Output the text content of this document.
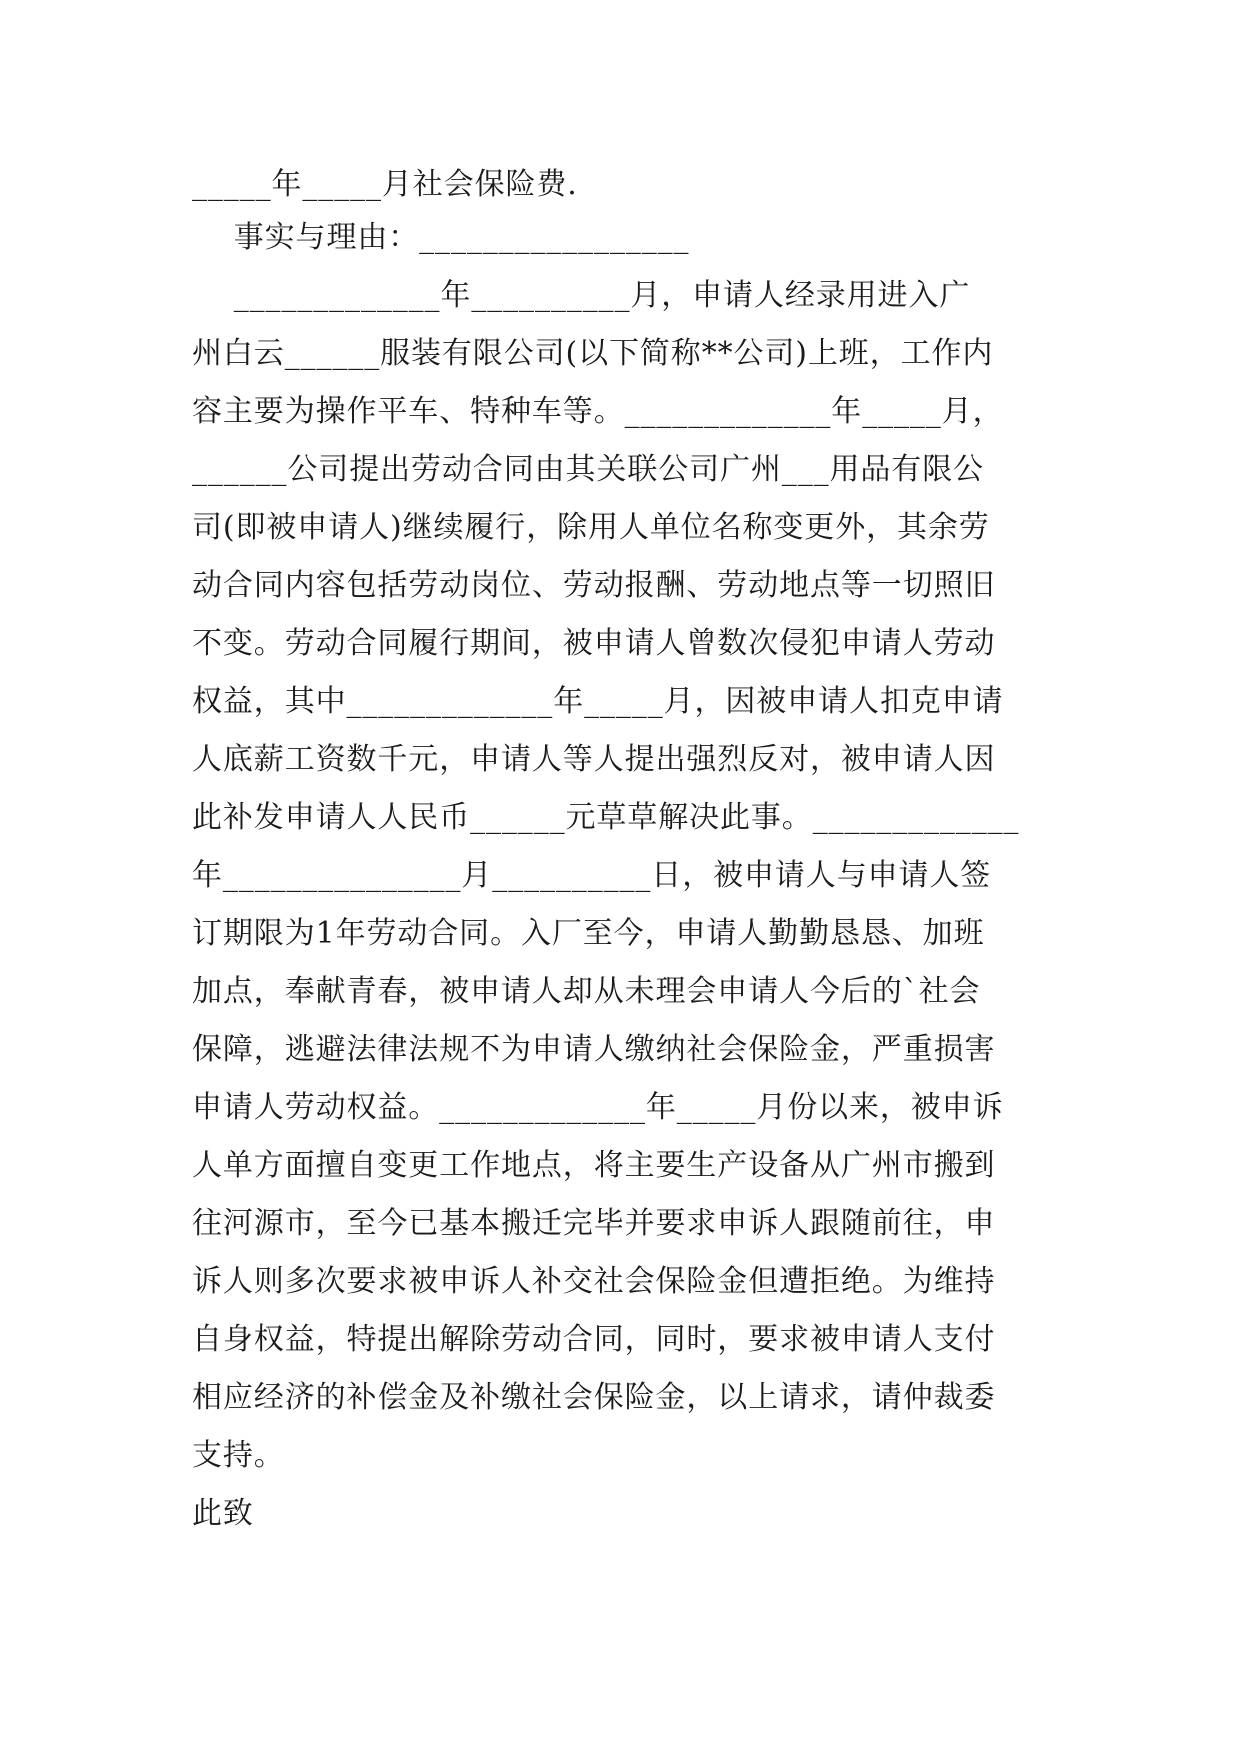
_____年_____月社会保险费.
事实与理由：_________________
_____________年__________月，申请人经录用进入广
州白云______服装有限公司(以下简称**公司)上班，工作内
容主要为操作平车、特种车等。_____________年_____月，
______公司提出劳动合同由其关联公司广州___用品有限公
司(即被申请人)继续履行，除用人单位名称变更外，其余劳
动合同内容包括劳动岗位、劳动报酬、劳动地点等一切照旧
不变。劳动合同履行期间，被申请人曾数次侵犯申请人劳动
权益，其中_____________年_____月，因被申请人扣克申请
人底薪工资数千元，申请人等人提出强烈反对，被申请人因
此补发申请人人民币______元草草解决此事。_____________
年_______________月__________日，被申请人与申请人签
订期限为1年劳动合同。入厂至今，申请人勤勤恳恳、加班
加点，奉献青春，被申请人却从未理会申请人今后的`社会
保障，逃避法律法规不为申请人缴纳社会保险金，严重损害
申请人劳动权益。_____________年_____月份以来，被申诉
人单方面擅自变更工作地点，将主要生产设备从广州市搬到
往河源市，至今已基本搬迁完毕并要求申诉人跟随前往，申
诉人则多次要求被申诉人补交社会保险金但遭拒绝。为维持
自身权益，特提出解除劳动合同，同时，要求被申请人支付
相应经济的补偿金及补缴社会保险金，以上请求，请仲裁委
支持。
此致
